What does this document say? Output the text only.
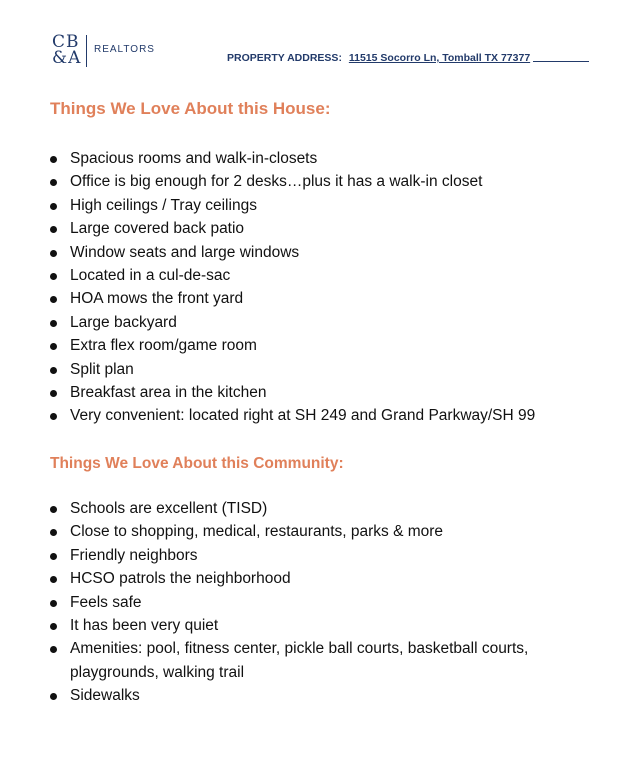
CB
&A REALTORS
PROPERTY ADDRESS: 11515 Socorro Ln, Tomball TX 77377
Things We Love About this House:
Spacious rooms and walk-in-closets
Office is big enough for 2 desks…plus it has a walk-in closet
High ceilings / Tray ceilings
Large covered back patio
Window seats and large windows
Located in a cul-de-sac
HOA mows the front yard
Large backyard
Extra flex room/game room
Split plan
Breakfast area in the kitchen
Very convenient: located right at SH 249 and Grand Parkway/SH 99
Things We Love About this Community:
Schools are excellent (TISD)
Close to shopping, medical, restaurants, parks & more
Friendly neighbors
HCSO patrols the neighborhood
Feels safe
It has been very quiet
Amenities: pool, fitness center, pickle ball courts, basketball courts, playgrounds, walking trail
Sidewalks
